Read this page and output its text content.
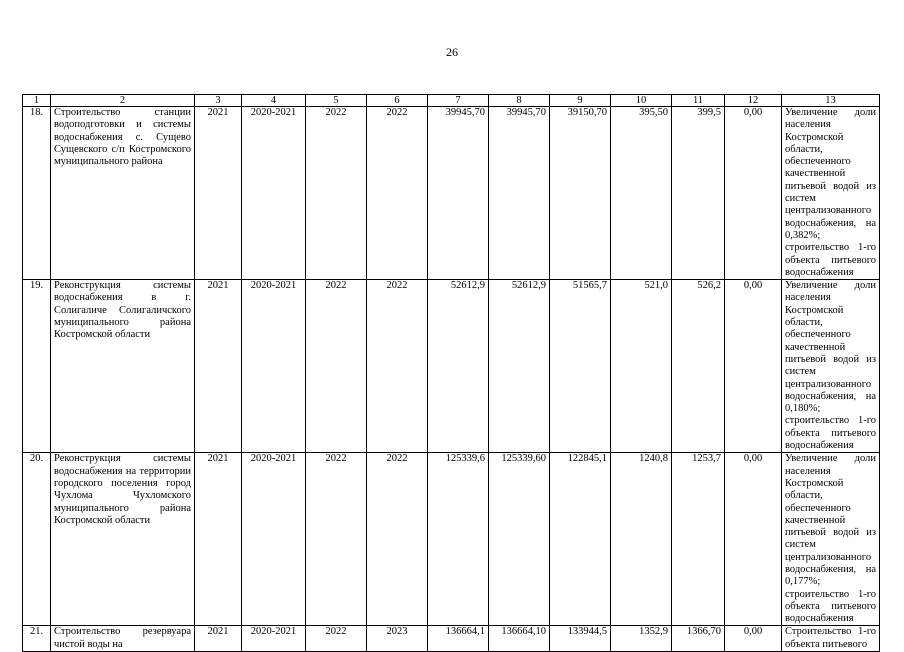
26
1	2	3	4	5	6	7	8	9	10	11	12	13
18.	Строительство станции водоподготовки и системы водоснабжения с. Сущево Сущевского с/п Костромского муниципального района	2021	2020-2021	2022	2022	39945,70	39945,70	39150,70	395,50	399,5	0,00	Увеличение доли населения Костромской области, обеспеченного качественной питьевой водой из систем централизованного водоснабжения, на 0,382%; строительство 1-го объекта питьевого водоснабжения
19.	Реконструкция системы водоснабжения в г. Солигаличе Солигаличского муниципального района Костромской области	2021	2020-2021	2022	2022	52612,9	52612,9	51565,7	521,0	526,2	0,00	Увеличение доли населения Костромской области, обеспеченного качественной питьевой водой из систем централизованного водоснабжения, на 0,180%; строительство 1-го объекта питьевого водоснабжения
20.	Реконструкция системы водоснабжения на территории городского поселения город Чухлома Чухломского муниципального района Костромской области	2021	2020-2021	2022	2022	125339,6	125339,60	122845,1	1240,8	1253,7	0,00	Увеличение доли населения Костромской области, обеспеченного качественной питьевой водой из систем централизованного водоснабжения, на 0,177%; строительство 1-го объекта питьевого водоснабжения
21.	Строительство резервуара чистой воды на	2021	2020-2021	2022	2023	136664,1	136664,10	133944,5	1352,9	1366,70	0,00	Строительство 1-го объекта питьевого
